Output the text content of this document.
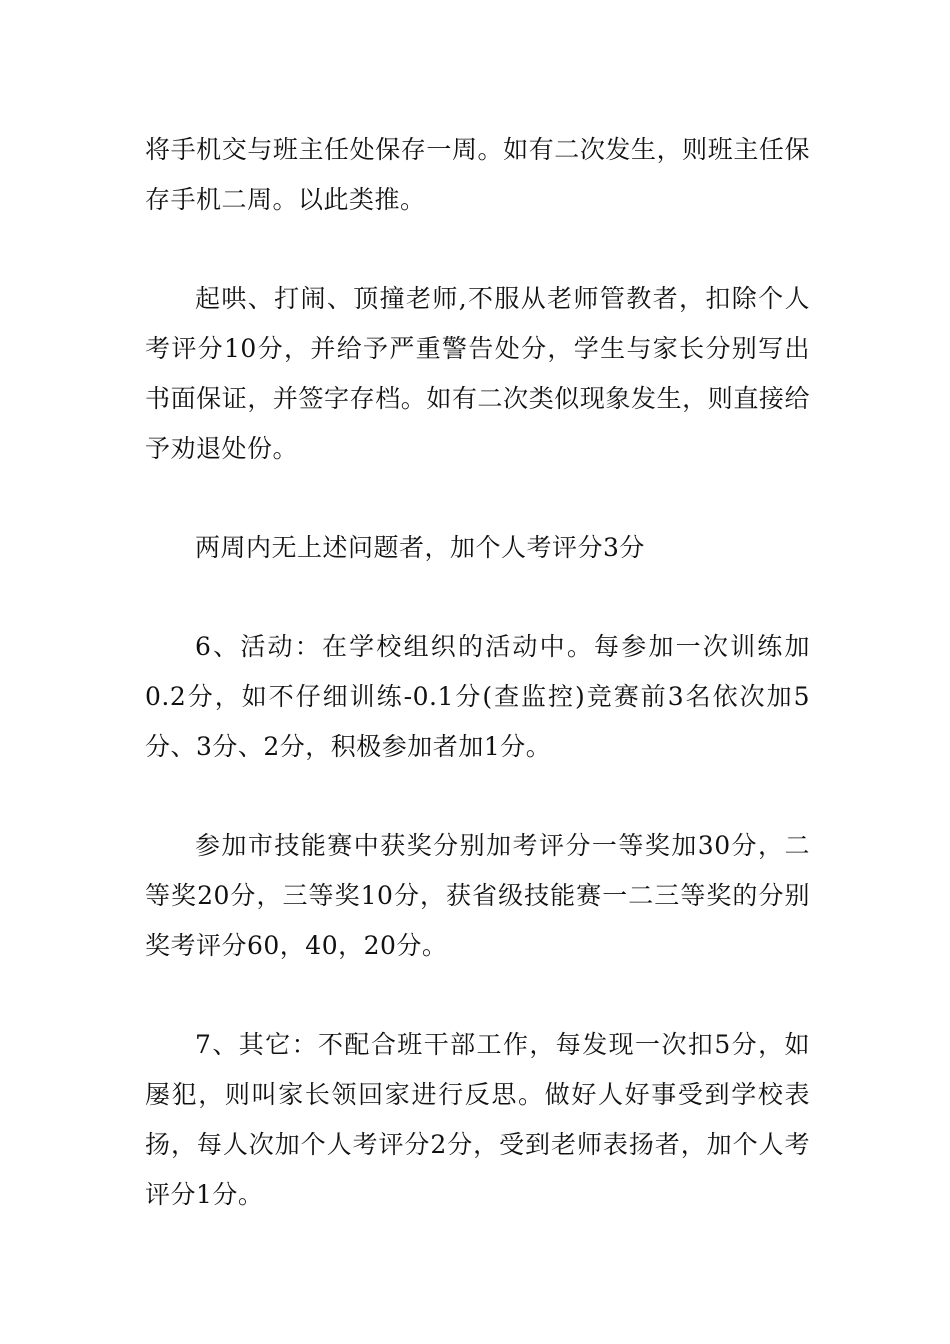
将手机交与班主任处保存一周。如有二次发生，则班主任保存手机二周。以此类推。

起哄、打闹、顶撞老师,不服从老师管教者，扣除个人考评分10分，并给予严重警告处分，学生与家长分别写出书面保证，并签字存档。如有二次类似现象发生，则直接给予劝退处份。

两周内无上述问题者，加个人考评分3分

6、活动：在学校组织的活动中。每参加一次训练加0.2分，如不仔细训练-0.1分(查监控)竞赛前3名依次加5分、3分、2分，积极参加者加1分。

参加市技能赛中获奖分别加考评分一等奖加30分，二等奖20分，三等奖10分，获省级技能赛一二三等奖的分别奖考评分60，40，20分。

7、其它：不配合班干部工作，每发现一次扣5分，如屡犯，则叫家长领回家进行反思。做好人好事受到学校表扬，每人次加个人考评分2分，受到老师表扬者，加个人考评分1分。
